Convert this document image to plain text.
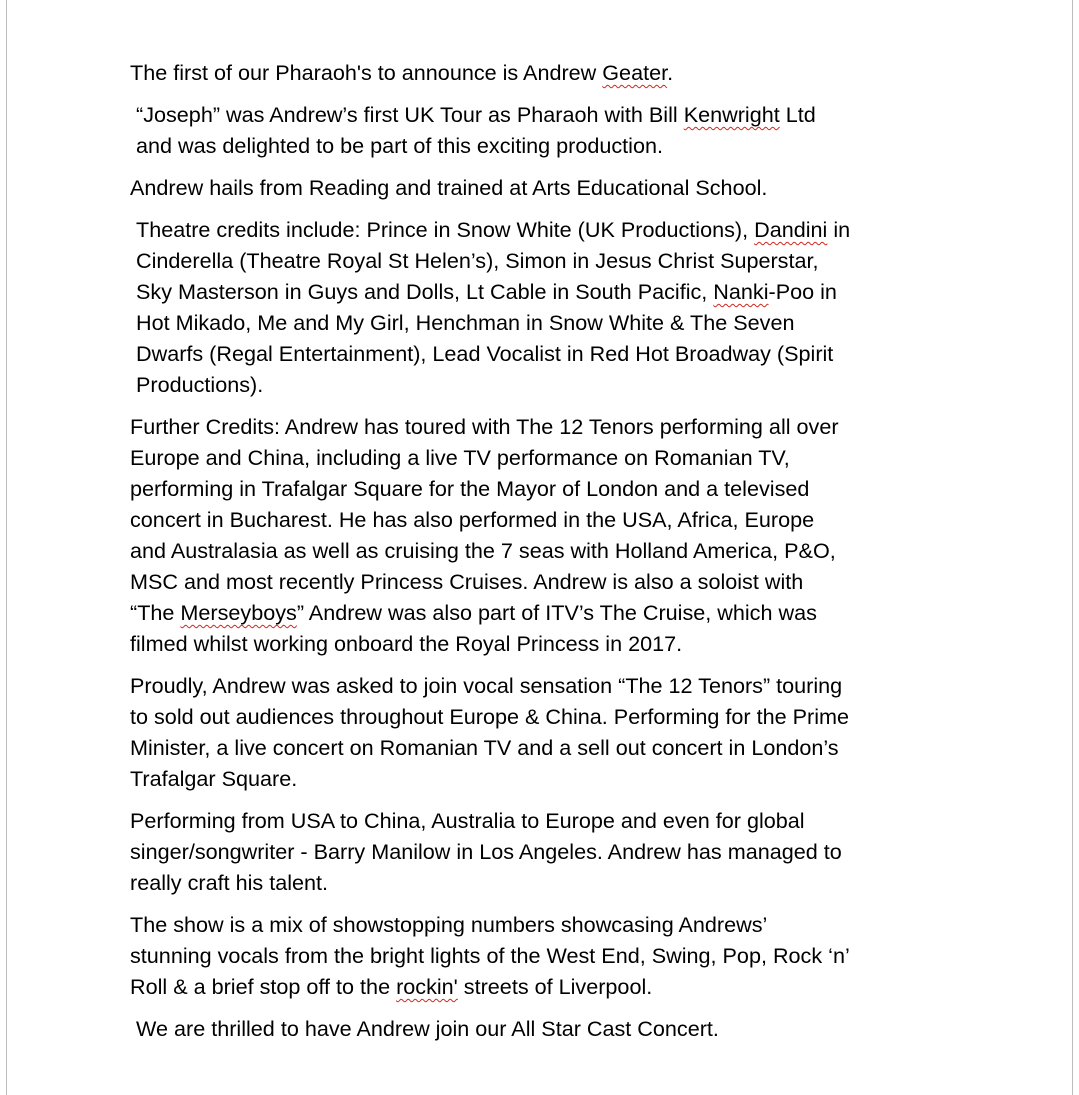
The first of our Pharaoh's to announce is Andrew Geater.

“Joseph” was Andrew’s first UK Tour as Pharaoh with Bill Kenwright Ltd
and was delighted to be part of this exciting production.

Andrew hails from Reading and trained at Arts Educational School.

Theatre credits include: Prince in Snow White (UK Productions), Dandini in
Cinderella (Theatre Royal St Helen’s), Simon in Jesus Christ Superstar,
Sky Masterson in Guys and Dolls, Lt Cable in South Pacific, Nanki-Poo in
Hot Mikado, Me and My Girl, Henchman in Snow White & The Seven
Dwarfs (Regal Entertainment), Lead Vocalist in Red Hot Broadway (Spirit
Productions).

Further Credits: Andrew has toured with The 12 Tenors performing all over
Europe and China, including a live TV performance on Romanian TV,
performing in Trafalgar Square for the Mayor of London and a televised
concert in Bucharest. He has also performed in the USA, Africa, Europe
and Australasia as well as cruising the 7 seas with Holland America, P&O,
MSC and most recently Princess Cruises. Andrew is also a soloist with
“The Merseyboys” Andrew was also part of ITV’s The Cruise, which was
filmed whilst working onboard the Royal Princess in 2017.

Proudly, Andrew was asked to join vocal sensation “The 12 Tenors” touring
to sold out audiences throughout Europe & China. Performing for the Prime
Minister, a live concert on Romanian TV and a sell out concert in London’s
Trafalgar Square.

Performing from USA to China, Australia to Europe and even for global
singer/songwriter - Barry Manilow in Los Angeles. Andrew has managed to
really craft his talent.

The show is a mix of showstopping numbers showcasing Andrews’
stunning vocals from the bright lights of the West End, Swing, Pop, Rock ‘n’
Roll & a brief stop off to the rockin' streets of Liverpool.

We are thrilled to have Andrew join our All Star Cast Concert.
